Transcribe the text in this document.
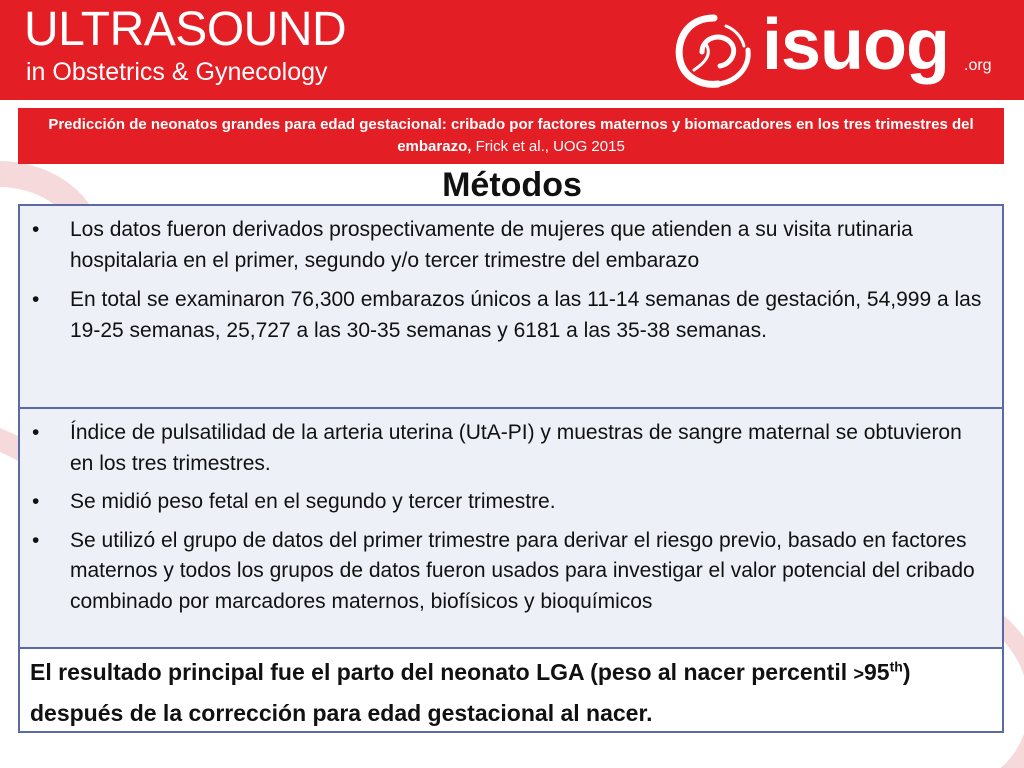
ULTRASOUND

in Obstetrics & Gynecology	isuog .org
Predicción de neonatos grandes para edad gestacional: cribado por factores maternos y biomarcadores en los tres trimestres del embarazo, Frick et al., UOG 2015
Métodos
• Los datos fueron derivados prospectivamente de mujeres que atienden a su visita rutinaria hospitalaria en el primer, segundo y/o tercer trimestre del embarazo
• En total se examinaron 76,300 embarazos únicos a las 11-14 semanas de gestación, 54,999 a las 19-25 semanas, 25,727 a las 30-35 semanas y 6181 a las 35-38 semanas.
• Índice de pulsatilidad de la arteria uterina (UtA-PI) y muestras de sangre maternal se obtuvieron en los tres trimestres.
• Se midió peso fetal en el segundo y tercer trimestre.
• Se utilizó el grupo de datos del primer trimestre para derivar el riesgo previo, basado en factores maternos y todos los grupos de datos fueron usados para investigar el valor potencial del cribado combinado por marcadores maternos, biofísicos y bioquímicos

El resultado principal fue el parto del neonato LGA (peso al nacer percentil >95th) después de la corrección para edad gestacional al nacer.
